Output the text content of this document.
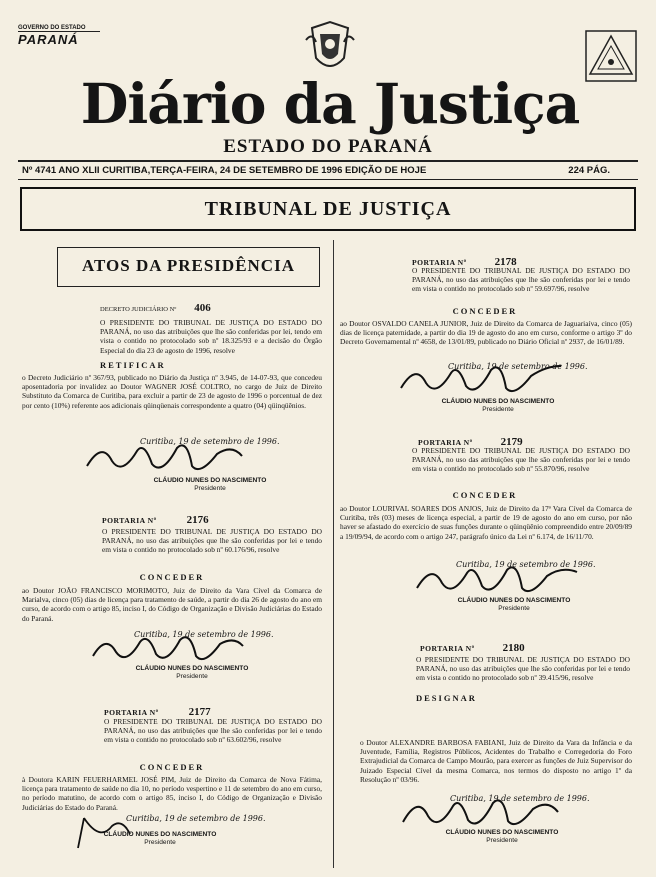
GOVERNO DO ESTADO
PARANÁ
Diário da Justiça
ESTADO DO PARANÁ
Nº 4741 ANO XLII CURITIBA,TERÇA-FEIRA, 24 DE SETEMBRO DE 1996 EDIÇÃO DE HOJE	224 PÁG.
TRIBUNAL DE JUSTIÇA
ATOS DA PRESIDÊNCIA
DECRETO JUDICIÁRIO Nº 406
O PRESIDENTE DO TRIBUNAL DE JUSTIÇA DO ESTADO DO PARANÁ, no uso das atribuições que lhe são conferidas por lei, tendo em vista o contido no protocolado sob nº 18.325/93 e a decisão do Órgão Especial do dia 23 de agosto de 1996, resolve
RETIFICAR
o Decreto Judiciário nº 367/93, publicado no Diário da Justiça nº 3.945, de 14-07-93, que concedeu aposentadoria por invalidez ao Doutor WAGNER JOSÉ COLTRO, no cargo de Juiz de Direito Substituto da Comarca de Curitiba, para excluir a partir de 23 de agosto de 1996 o porcentual de dez por cento (10%) referente aos adicionais qüinqüenais correspondente a quatro (04) qüinqüênios.
Curitiba, 19 de setembro de 1996.
CLÁUDIO NUNES DO NASCIMENTO
Presidente
PORTARIA Nº	2176
O PRESIDENTE DO TRIBUNAL DE JUSTIÇA DO ESTADO DO PARANÁ, no uso das atribuições que lhe são conferidas por lei e tendo em vista o contido no protocolado sob nº 60.176/96, resolve
CONCEDER
ao Doutor JOÃO FRANCISCO MORIMOTO, Juiz de Direito da Vara Cível da Comarca de Marialva, cinco (05) dias de licença para tratamento de saúde, a partir do dia 26 de agosto do ano em curso, de acordo com o artigo 85, inciso I, do Código de Organização e Divisão Judiciárias do Estado do Paraná.
Curitiba, 19 de setembro de 1996.
CLÁUDIO NUNES DO NASCIMENTO
Presidente
PORTARIA Nº	2177
O PRESIDENTE DO TRIBUNAL DE JUSTIÇA DO ESTADO DO PARANÁ, no uso das atribuições que lhe são conferidas por lei e tendo em vista o contido no protocolado sob nº 63.602/96, resolve
CONCEDER
à Doutora KARIN FEUERHARMEL JOSÉ PIM, Juiz de Direito da Comarca de Nova Fátima, licença para tratamento de saúde no dia 10, no período vespertino e 11 de setembro do ano em curso, no período matutino, de acordo com o artigo 85, inciso I, do Código de Organização e Divisão Judiciárias do Estado do Paraná.
Curitiba, 19 de setembro de 1996.
CLÁUDIO NUNES DO NASCIMENTO
Presidente
PORTARIA Nº	2178
O PRESIDENTE DO TRIBUNAL DE JUSTIÇA DO ESTADO DO PARANÁ, no uso das atribuições que lhe são conferidas por lei e tendo em vista o contido no protocolado sob nº 59.697/96, resolve
CONCEDER
ao Doutor OSVALDO CANELA JUNIOR, Juiz de Direito da Comarca de Jaguariaíva, cinco (05) dias de licença paternidade, a partir do dia 19 de agosto do ano em curso, conforme o artigo 3º do Decreto Governamental nº 4658, de 13/01/89, publicado no Diário Oficial nº 2937, de 16/01/89.
Curitiba, 19 de setembro de 1996.
CLÁUDIO NUNES DO NASCIMENTO
Presidente
PORTARIA Nº	2179
O PRESIDENTE DO TRIBUNAL DE JUSTIÇA DO ESTADO DO PARANÁ, no uso das atribuições que lhe são conferidas por lei e tendo em vista o contido no protocolado sob nº 55.870/96, resolve
CONCEDER
ao Doutor LOURIVAL SOARES DOS ANJOS, Juiz de Direito da 17ª Vara Cível da Comarca de Curitiba, três (03) meses de licença especial, a partir de 19 de agosto do ano em curso, por não haver se afastado do exercício de suas funções durante o qüinqüênio compreendido entre 20/09/89 a 19/09/94, de acordo com o artigo 247, parágrafo único da Lei nº 6.174, de 16/11/70.
Curitiba, 19 de setembro de 1996.
CLÁUDIO NUNES DO NASCIMENTO
Presidente
PORTARIA Nº	2180
O PRESIDENTE DO TRIBUNAL DE JUSTIÇA DO ESTADO DO PARANÁ, no uso das atribuições que lhe são conferidas por lei e tendo em vista o contido no protocolado sob nº 39.415/96, resolve
DESIGNAR
o Doutor ALEXANDRE BARBOSA FABIANI, Juiz de Direito da Vara da Infância e da Juventude, Família, Registros Públicos, Acidentes do Trabalho e Corregedoria do Foro Extrajudicial da Comarca de Campo Mourão, para exercer as funções de Juiz Supervisor do Juizado Especial Cível da mesma Comarca, nos termos do disposto no artigo 1º da Resolução nº 03/96.
Curitiba, 19 de setembro de 1996.
CLÁUDIO NUNES DO NASCIMENTO
Presidente
